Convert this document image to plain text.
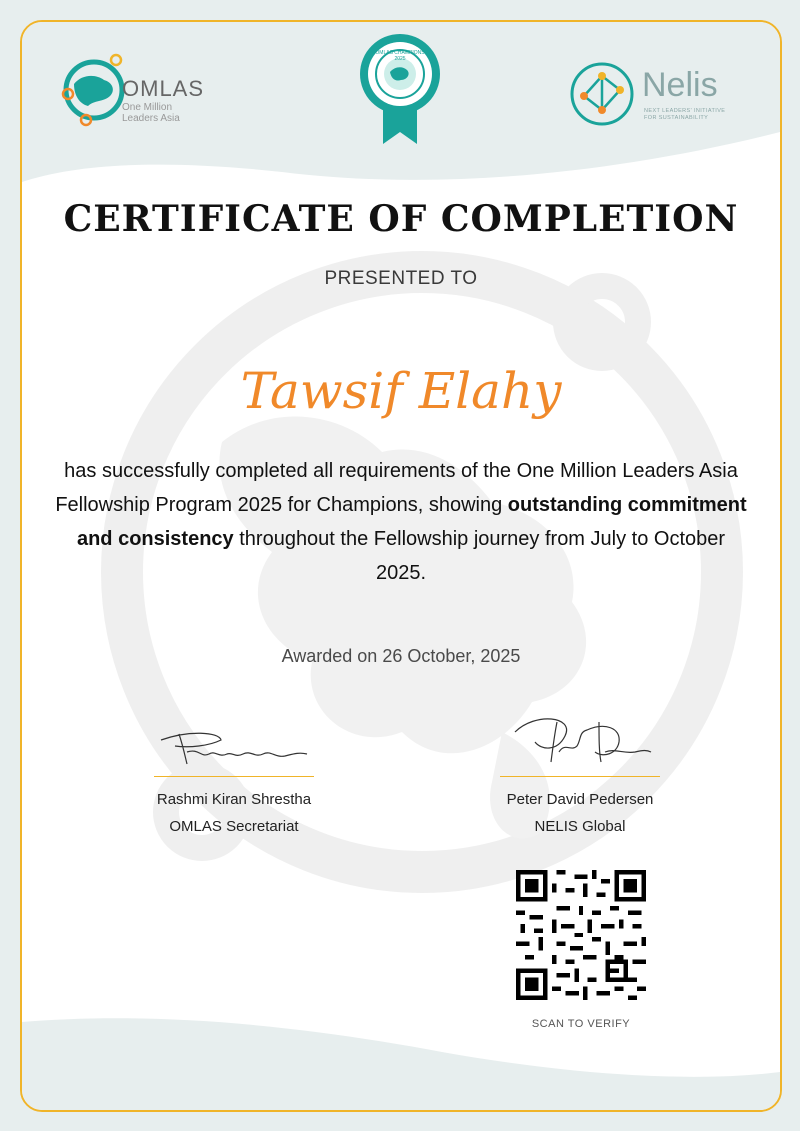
OMLAS
One Million
Leaders Asia
OMLAS CHAMPIONS 2025
Nelis
NEXT LEADERS' INITIATIVE
FOR SUSTAINABILITY
CERTIFICATE OF COMPLETION
PRESENTED TO
Tawsif Elahy
has successfully completed all requirements of the One Million Leaders Asia Fellowship Program 2025 for Champions, showing outstanding commitment and consistency throughout the Fellowship journey from July to October 2025.
Awarded on 26 October, 2025
Rashmi Kiran Shrestha
OMLAS Secretariat
Peter David Pedersen
NELIS Global
SCAN TO VERIFY
